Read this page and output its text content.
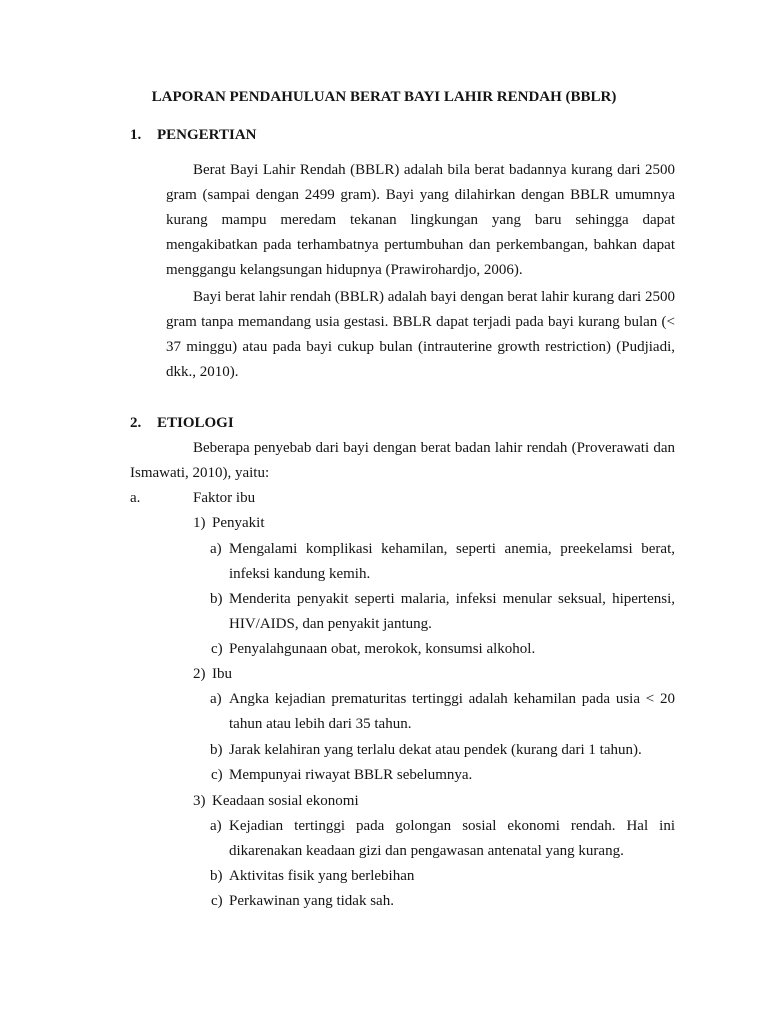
LAPORAN PENDAHULUAN BERAT BAYI LAHIR RENDAH (BBLR)
1. PENGERTIAN

Berat Bayi Lahir Rendah (BBLR) adalah bila berat badannya kurang dari 2500 gram (sampai dengan 2499 gram). Bayi yang dilahirkan dengan BBLR umumnya kurang mampu meredam tekanan lingkungan yang baru sehingga dapat mengakibatkan pada terhambatnya pertumbuhan dan perkembangan, bahkan dapat menggangu kelangsungan hidupnya (Prawirohardjo, 2006).

Bayi berat lahir rendah (BBLR) adalah bayi dengan berat lahir kurang dari 2500 gram tanpa memandang usia gestasi. BBLR dapat terjadi pada bayi kurang bulan (< 37 minggu) atau pada bayi cukup bulan (intrauterine growth restriction) (Pudjiadi, dkk., 2010).

2. ETIOLOGI

Beberapa penyebab dari bayi dengan berat badan lahir rendah (Proverawati dan Ismawati, 2010), yaitu:

a.	Faktor ibu
1) Penyakit
a) Mengalami komplikasi kehamilan, seperti anemia, preekelamsi berat, infeksi kandung kemih.

b) Menderita penyakit seperti malaria, infeksi menular seksual, hipertensi, HIV/AIDS, dan penyakit jantung.

c) Penyalahgunaan obat, merokok, konsumsi alkohol.

2) Ibu
a) Angka kejadian prematuritas tertinggi adalah kehamilan pada usia < 20 tahun atau lebih dari 35 tahun.

b) Jarak kelahiran yang terlalu dekat atau pendek (kurang dari 1 tahun).

c) Mempunyai riwayat BBLR sebelumnya.

3) Keadaan sosial ekonomi
a) Kejadian tertinggi pada golongan sosial ekonomi rendah. Hal ini dikarenakan keadaan gizi dan pengawasan antenatal yang kurang.

b) Aktivitas fisik yang berlebihan

c) Perkawinan yang tidak sah.
